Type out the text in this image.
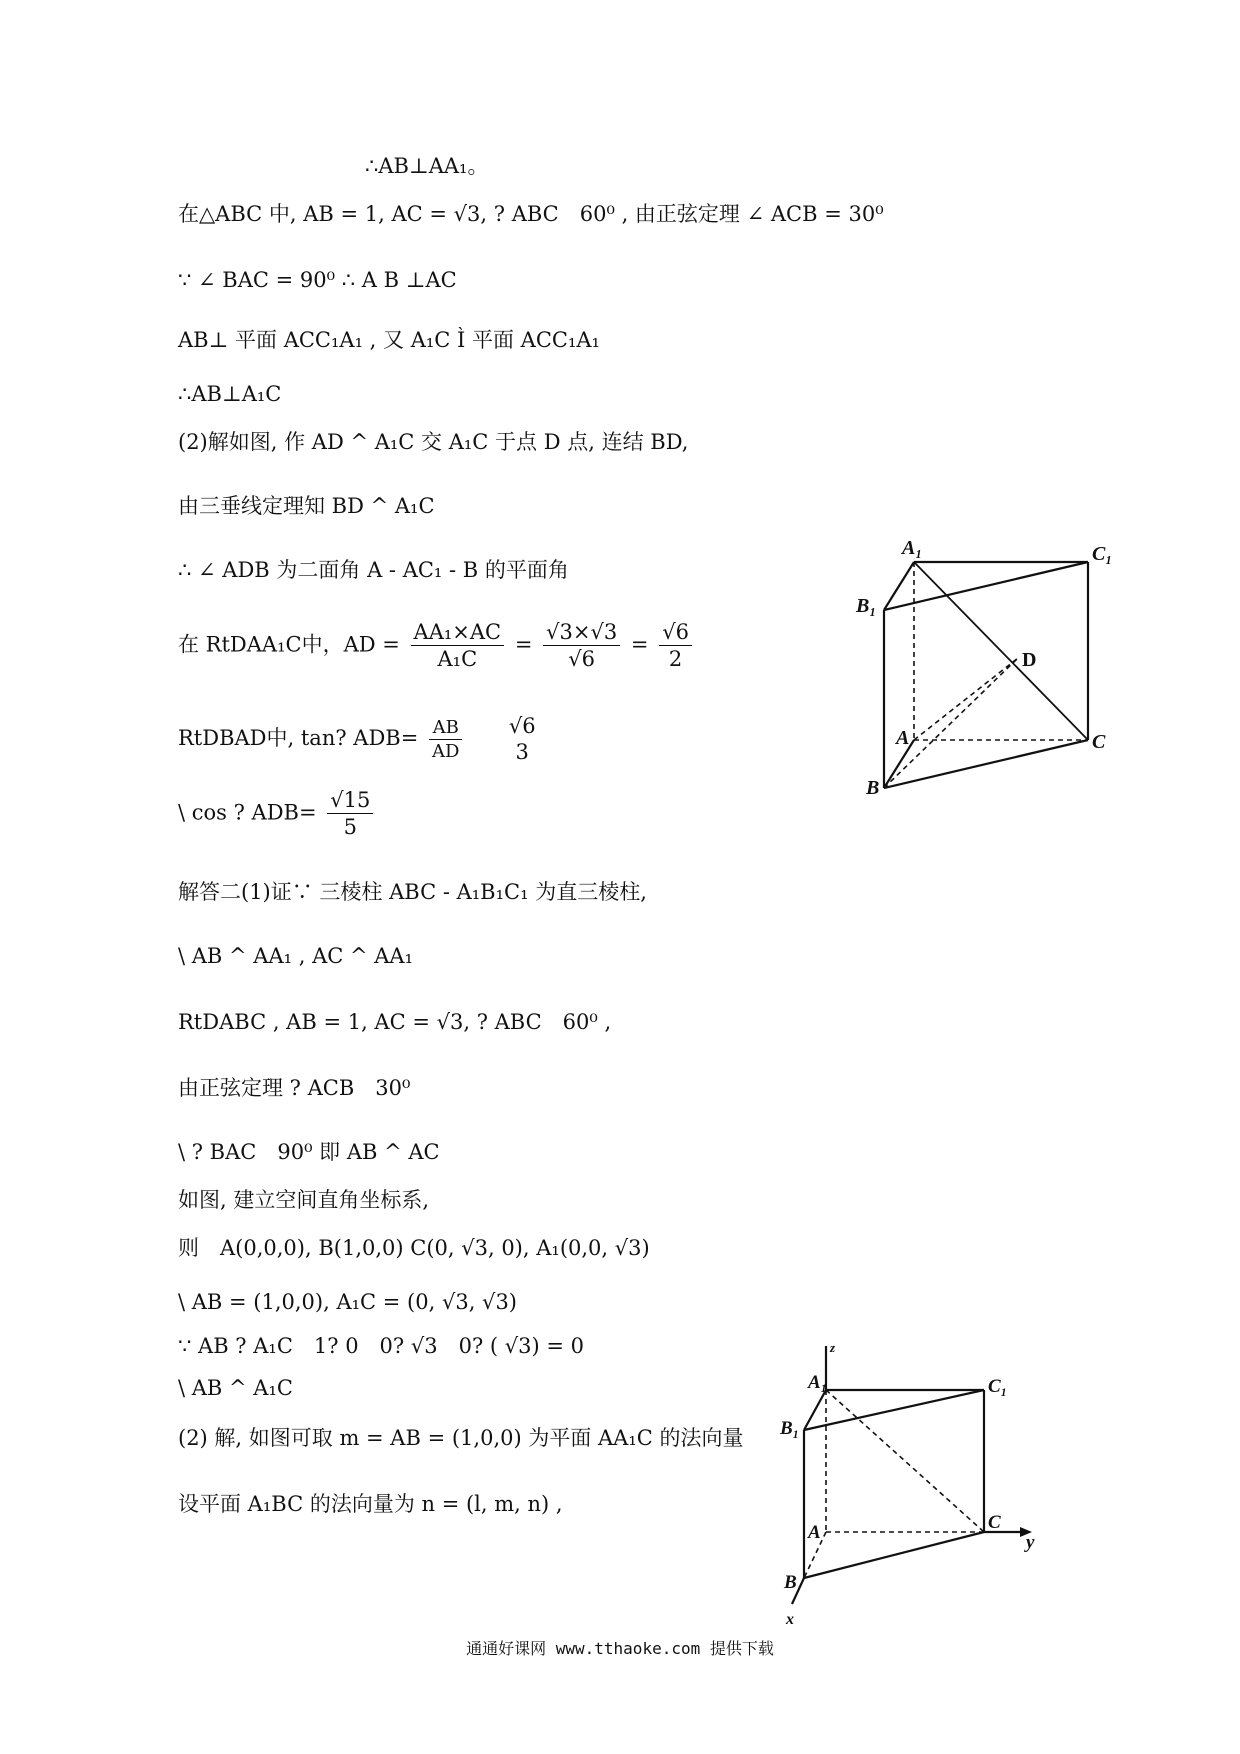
∴AB⊥AA₁。
在△ABC 中, AB = 1, AC = √3, ? ABC　60⁰ , 由正弦定理 ∠ ACB = 30⁰
∵ ∠ BAC = 90⁰ ∴ A B ⊥AC
AB⊥ 平面 ACC₁A₁ , 又 A₁C Ì 平面 ACC₁A₁
∴AB⊥A₁C
(2)解如图, 作 AD ^ A₁C 交 A₁C 于点 D 点, 连结 BD,
由三垂线定理知 BD ^ A₁C
∴ ∠ ADB 为二面角 A - AC₁ - B 的平面角
在 RtDAA₁C中，AD = $\frac{\text{AA₁×AC}}{\text{A₁C}} = \frac{√3\times√3}{√6} = \frac{√6}{2}$
RtDBAD中, tan? $ADB= \frac{AB}{AD}$
√6
3
\ cos ? $ADB= \frac{√15}{5}$
解答二(1)证∵ 三棱柱 ABC - A₁B₁C₁ 为直三棱柱,
\ AB ^ AA₁ , AC ^ AA₁
RtDABC , AB = 1, AC = √3, ? ABC　60⁰ ,
由正弦定理 ? ACB　30⁰
\ ? BAC　90⁰ 即 AB ^ AC
如图, 建立空间直角坐标系,
则　A(0,0,0), B(1,0,0) C(0, √3, 0), A₁(0,0, √3)
\ AB = (1,0,0), A₁C = (0, √3, √3)
∵ AB ? A₁C　1? 0　0? √3　0? ( √3) = 0
\ AB ^ A₁C
(2) 解, 如图可取 m = AB = (1,0,0) 为平面 AA₁C 的法向量
设平面 A₁BC 的法向量为 n = (l, m, n) ,
A₁	C₁
B₁
D
A	C
B
z
A₁	C₁
B₁
A	C
y
B
x
通通好课网 www.tthaoke.com 提供下载
